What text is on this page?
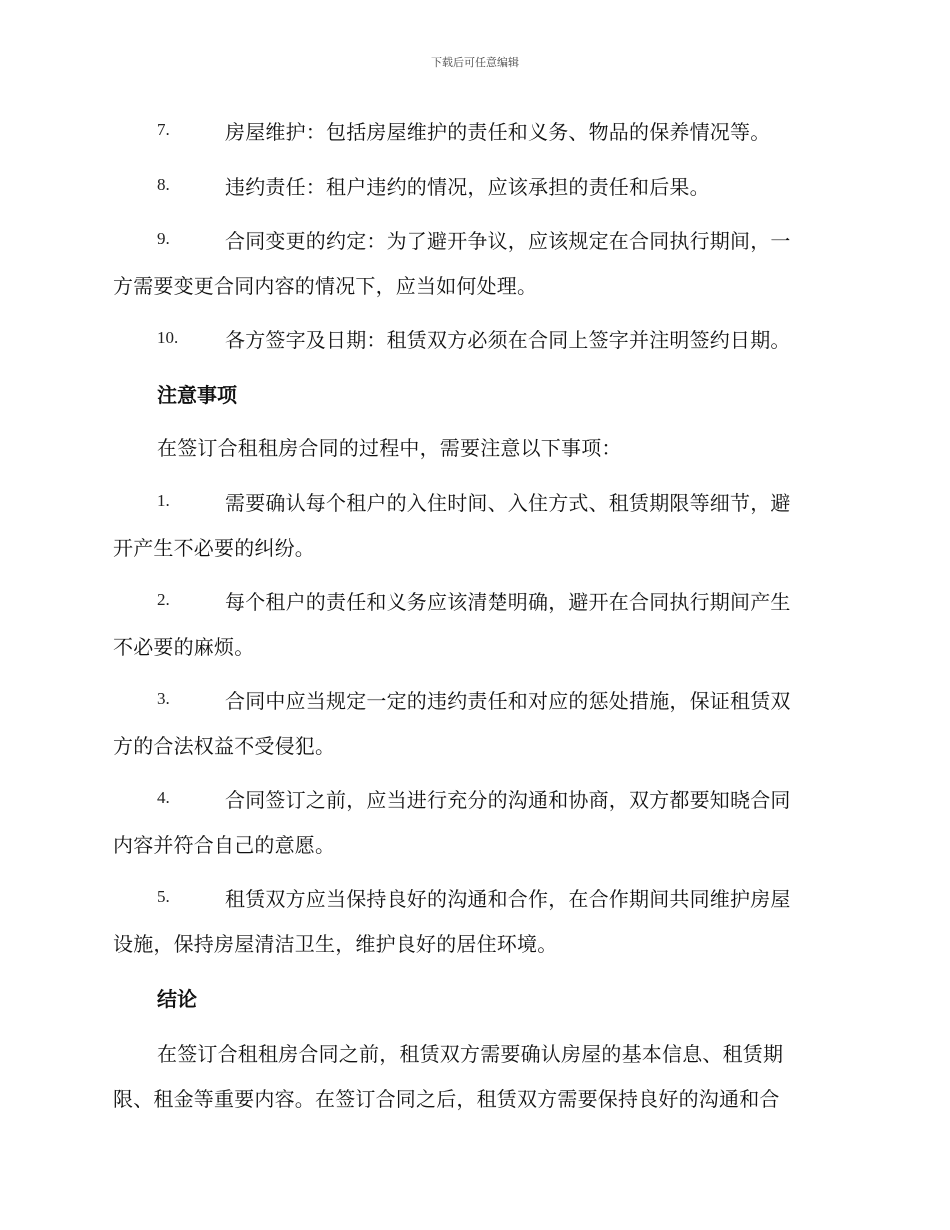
下载后可任意编辑
7.	房屋维护：包括房屋维护的责任和义务、物品的保养情况等。
8.	违约责任：租户违约的情况，应该承担的责任和后果。
9.	合同变更的约定：为了避开争议，应该规定在合同执行期间，一
方需要变更合同内容的情况下，应当如何处理。
10. 各方签字及日期：租赁双方必须在合同上签字并注明签约日期。
注意事项
在签订合租租房合同的过程中，需要注意以下事项：
1.	需要确认每个租户的入住时间、入住方式、租赁期限等细节，避
开产生不必要的纠纷。
2.	每个租户的责任和义务应该清楚明确，避开在合同执行期间产生
不必要的麻烦。
3.	合同中应当规定一定的违约责任和对应的惩处措施，保证租赁双
方的合法权益不受侵犯。
4.	合同签订之前，应当进行充分的沟通和协商，双方都要知晓合同
内容并符合自己的意愿。
5.	租赁双方应当保持良好的沟通和合作，在合作期间共同维护房屋
设施，保持房屋清洁卫生，维护良好的居住环境。
结论
在签订合租租房合同之前，租赁双方需要确认房屋的基本信息、租赁期
限、租金等重要内容。在签订合同之后，租赁双方需要保持良好的沟通和合
